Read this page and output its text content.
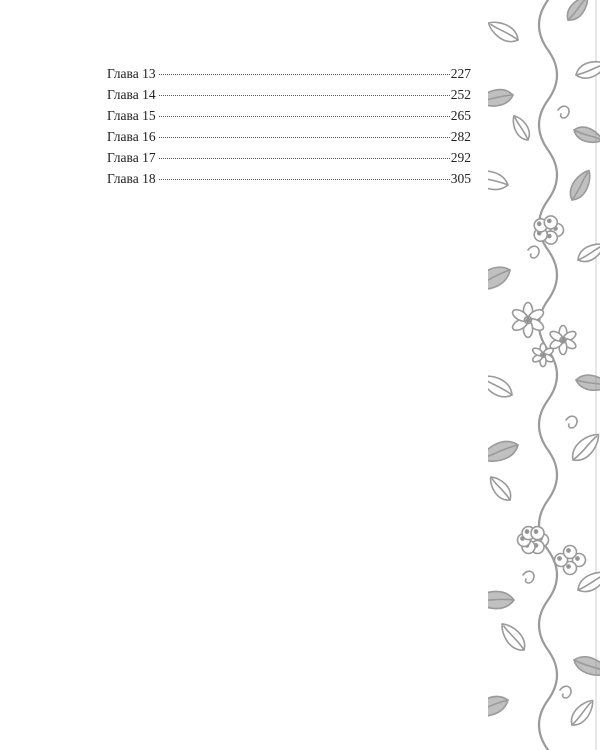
Глава 13	227
Глава 14	252
Глава 15	265
Глава 16	282
Глава 17	292
Глава 18	305
